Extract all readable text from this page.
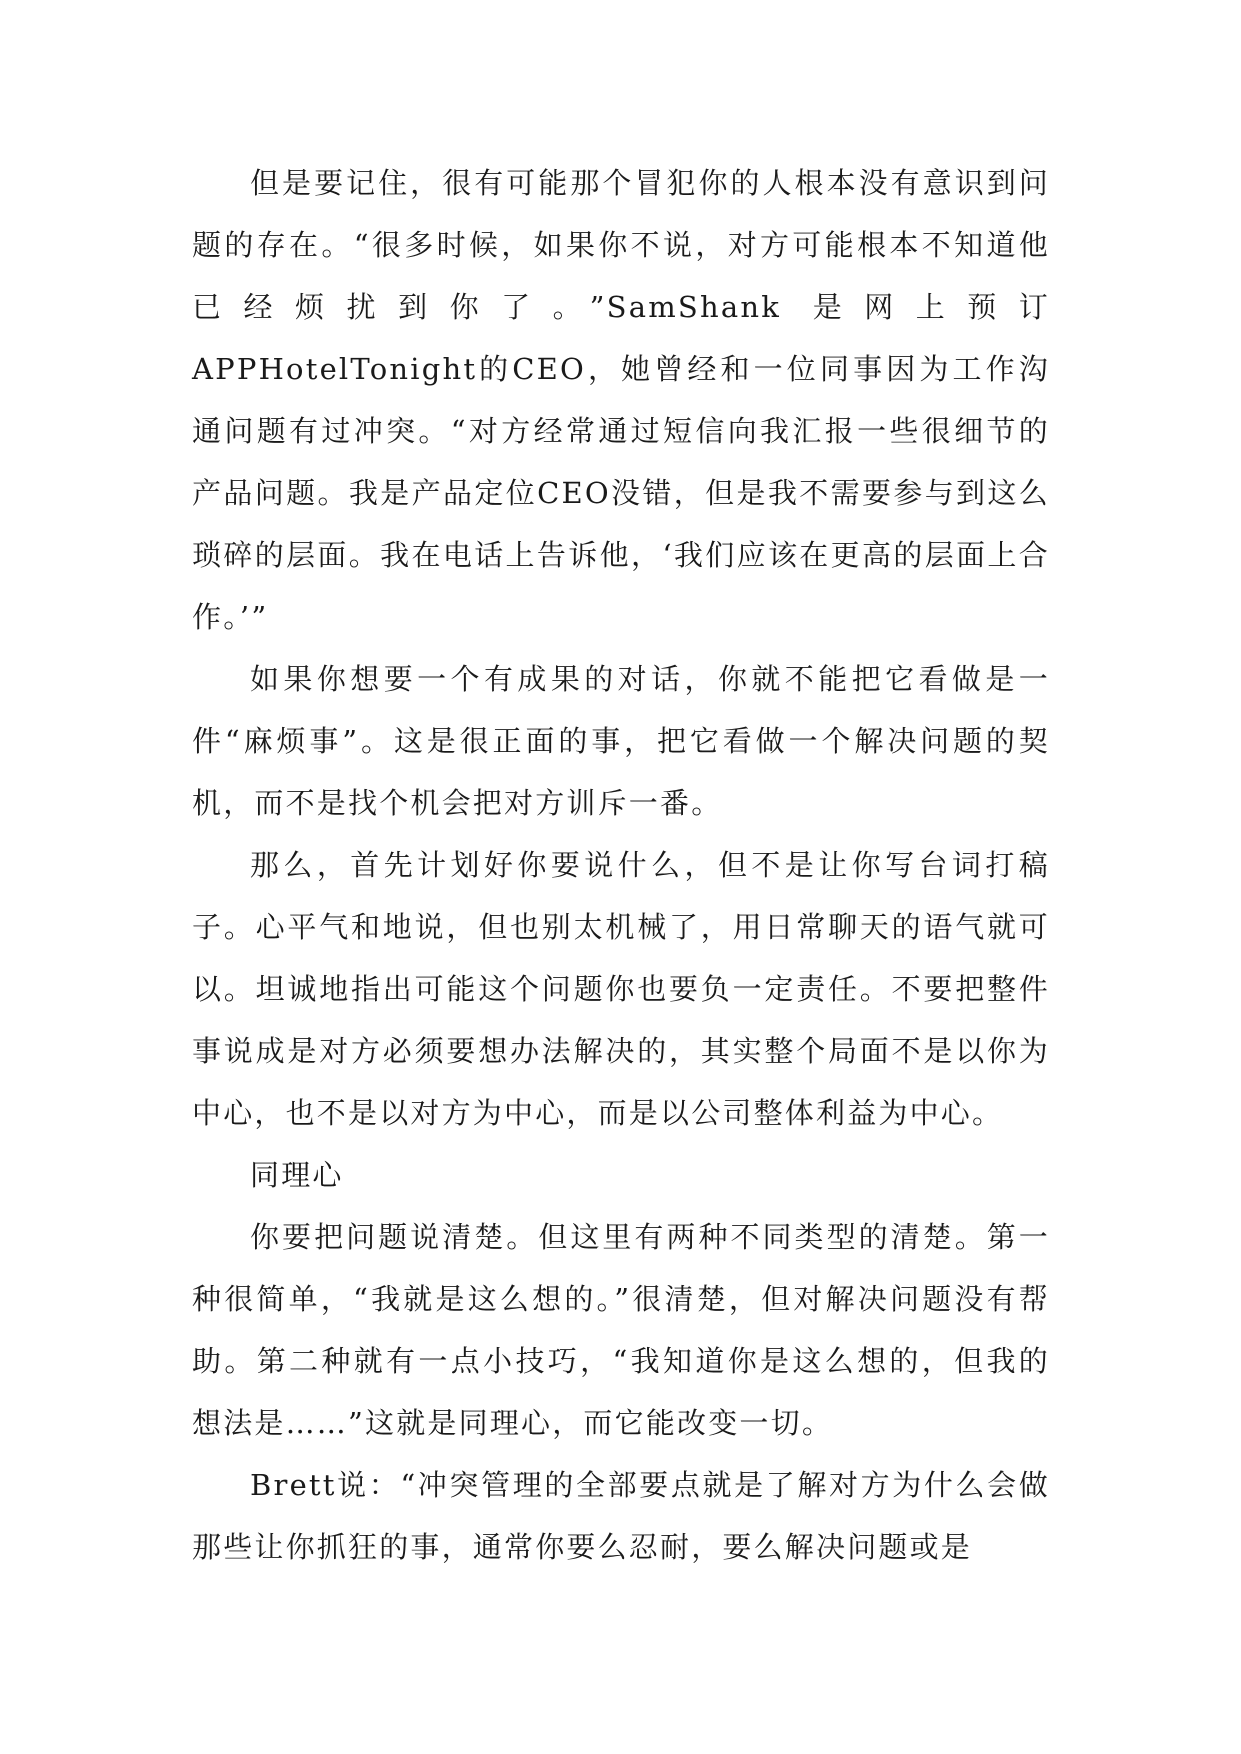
但是要记住，很有可能那个冒犯你的人根本没有意识到问题的存在。“很多时候，如果你不说，对方可能根本不知道他已经烦扰到你了。”SamShank 是网上预订APPHotelTonight的CEO，她曾经和一位同事因为工作沟通问题有过冲突。“对方经常通过短信向我汇报一些很细节的产品问题。我是产品定位CEO没错，但是我不需要参与到这么琐碎的层面。我在电话上告诉他，‘我们应该在更高的层面上合作。’”

如果你想要一个有成果的对话，你就不能把它看做是一件“麻烦事”。这是很正面的事，把它看做一个解决问题的契机，而不是找个机会把对方训斥一番。

那么，首先计划好你要说什么，但不是让你写台词打稿子。心平气和地说，但也别太机械了，用日常聊天的语气就可以。坦诚地指出可能这个问题你也要负一定责任。不要把整件事说成是对方必须要想办法解决的，其实整个局面不是以你为中心，也不是以对方为中心，而是以公司整体利益为中心。

同理心

你要把问题说清楚。但这里有两种不同类型的清楚。第一种很简单，“我就是这么想的。”很清楚，但对解决问题没有帮助。第二种就有一点小技巧，“我知道你是这么想的，但我的想法是……”这就是同理心，而它能改变一切。

Brett说：“冲突管理的全部要点就是了解对方为什么会做那些让你抓狂的事，通常你要么忍耐，要么解决问题或是
